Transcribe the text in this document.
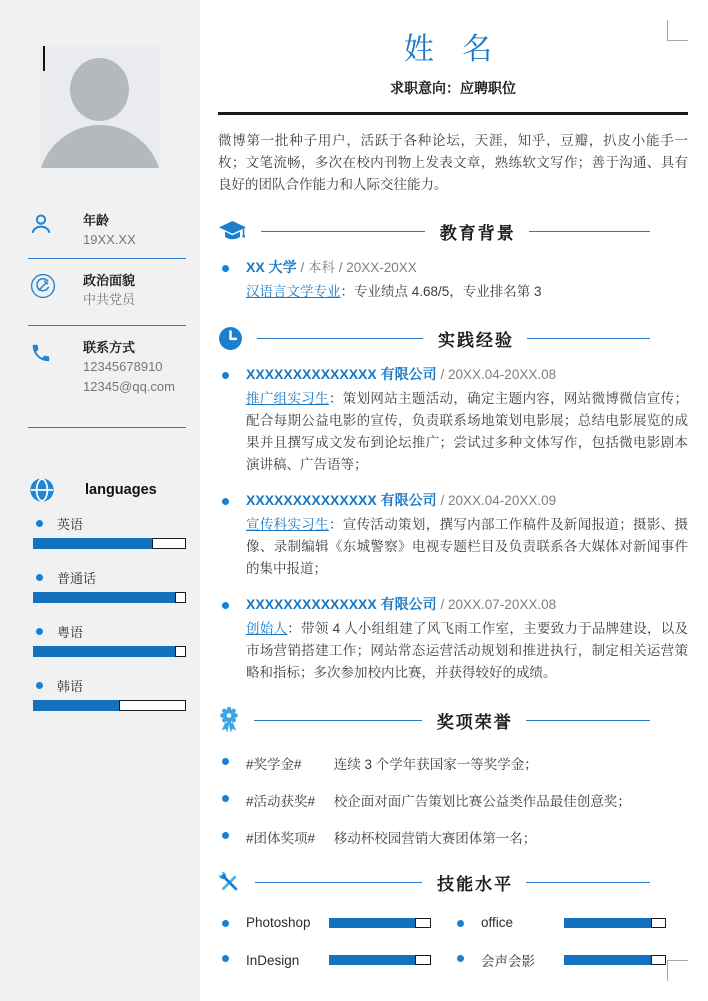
年龄
19XX.XX
政治面貌
中共党员
联系方式
12345678910
12345@qq.com
languages
英语
普通话
粤语
韩语
姓 名
求职意向：应聘职位
微博第一批种子用户，活跃于各种论坛，天涯，知乎，豆瓣，扒皮小能手一枚；文笔流畅，多次在校内刊物上发表文章，熟练软文写作；善于沟通、具有良好的团队合作能力和人际交往能力。
教育背景
XX 大学 / 本科 / 20XX-20XX
汉语言文学专业：专业绩点 4.68/5，专业排名第 3
实践经验
XXXXXXXXXXXXXX 有限公司 / 20XX.04-20XX.08
推广组实习生：策划网站主题活动，确定主题内容，网站微博微信宣传；配合每期公益电影的宣传，负责联系场地策划电影展；总结电影展览的成果并且撰写成文发布到论坛推广；尝试过多种文体写作，包括微电影剧本演讲稿、广告语等；
XXXXXXXXXXXXXX 有限公司 / 20XX.04-20XX.09
宣传科实习生：宣传活动策划，撰写内部工作稿件及新闻报道；摄影、摄像、录制编辑《东城警察》电视专题栏目及负责联系各大媒体对新闻事件的集中报道；
XXXXXXXXXXXXXX 有限公司 / 20XX.07-20XX.08
创始人：带领 4 人小组组建了风飞雨工作室，主要致力于品牌建设，以及市场营销搭建工作；网站常态运营活动规划和推进执行，制定相关运营策略和指标；多次参加校内比赛，并获得较好的成绩。
奖项荣誉
#奖学金# 连续 3 个学年获国家一等奖学金；
#活动获奖# 校企面对面广告策划比赛公益类作品最佳创意奖；
#团体奖项# 移动杯校园营销大赛团体第一名；
技能水平
Photoshop	office
InDesign	会声会影
